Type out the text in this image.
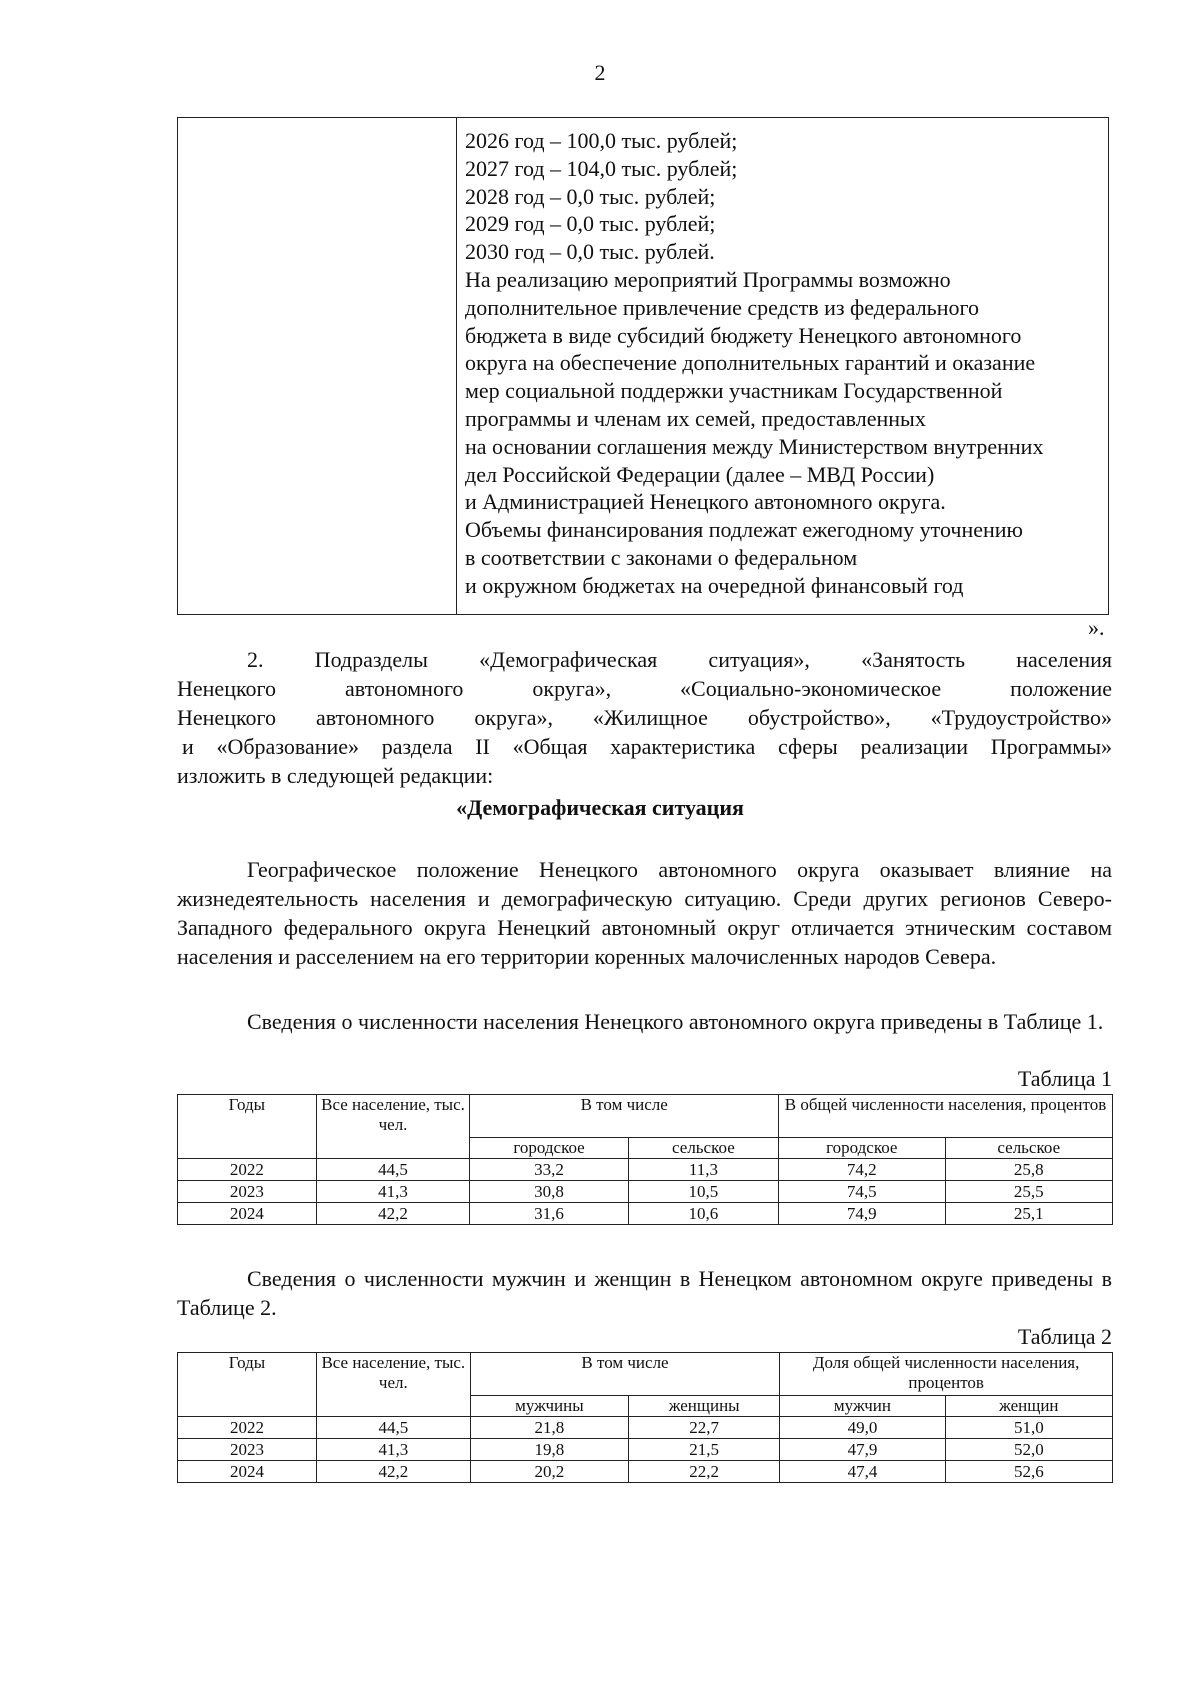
2
2026 год – 100,0 тыс. рублей;
2027 год – 104,0 тыс. рублей;
2028 год – 0,0 тыс. рублей;
2029 год – 0,0 тыс. рублей;
2030 год – 0,0 тыс. рублей.
На реализацию мероприятий Программы возможно
дополнительное привлечение средств из федерального
бюджета в виде субсидий бюджету Ненецкого автономного
округа на обеспечение дополнительных гарантий и оказание
мер социальной поддержки участникам Государственной
программы и членам их семей, предоставленных
на основании соглашения между Министерством внутренних
дел Российской Федерации (далее – МВД России)
и Администрацией Ненецкого автономного округа.
Объемы финансирования подлежат ежегодному уточнению
в соответствии с законами о федеральном
и окружном бюджетах на очередной финансовый год
».
2. Подразделы «Демографическая ситуация», «Занятость населения
Ненецкого автономного округа», «Социально-экономическое положение
Ненецкого автономного округа», «Жилищное обустройство», «Трудоустройство»
и «Образование» раздела II «Общая характеристика сферы реализации Программы»
изложить в следующей редакции:
«Демографическая ситуация
Географическое положение Ненецкого автономного округа оказывает влияние на жизнедеятельность населения и демографическую ситуацию. Среди других регионов Северо-Западного федерального округа Ненецкий автономный округ отличается этническим составом населения и расселением на его территории коренных малочисленных народов Севера.
Сведения о численности населения Ненецкого автономного округа приведены в Таблице 1.
Таблица 1
Годы	Все население, тыс. чел.	В том числе		В общей численности населения, процентов	
		городское	сельское	городское	сельское
2022	44,5	33,2	11,3	74,2	25,8
2023	41,3	30,8	10,5	74,5	25,5
2024	42,2	31,6	10,6	74,9	25,1
Сведения о численности мужчин и женщин в Ненецком автономном округе приведены в Таблице 2.
Таблица 2
Годы	Все население, тыс. чел.	В том числе		Доля общей численности населения, процентов	
		мужчины	женщины	мужчин	женщин
2022	44,5	21,8	22,7	49,0	51,0
2023	41,3	19,8	21,5	47,9	52,0
2024	42,2	20,2	22,2	47,4	52,6
